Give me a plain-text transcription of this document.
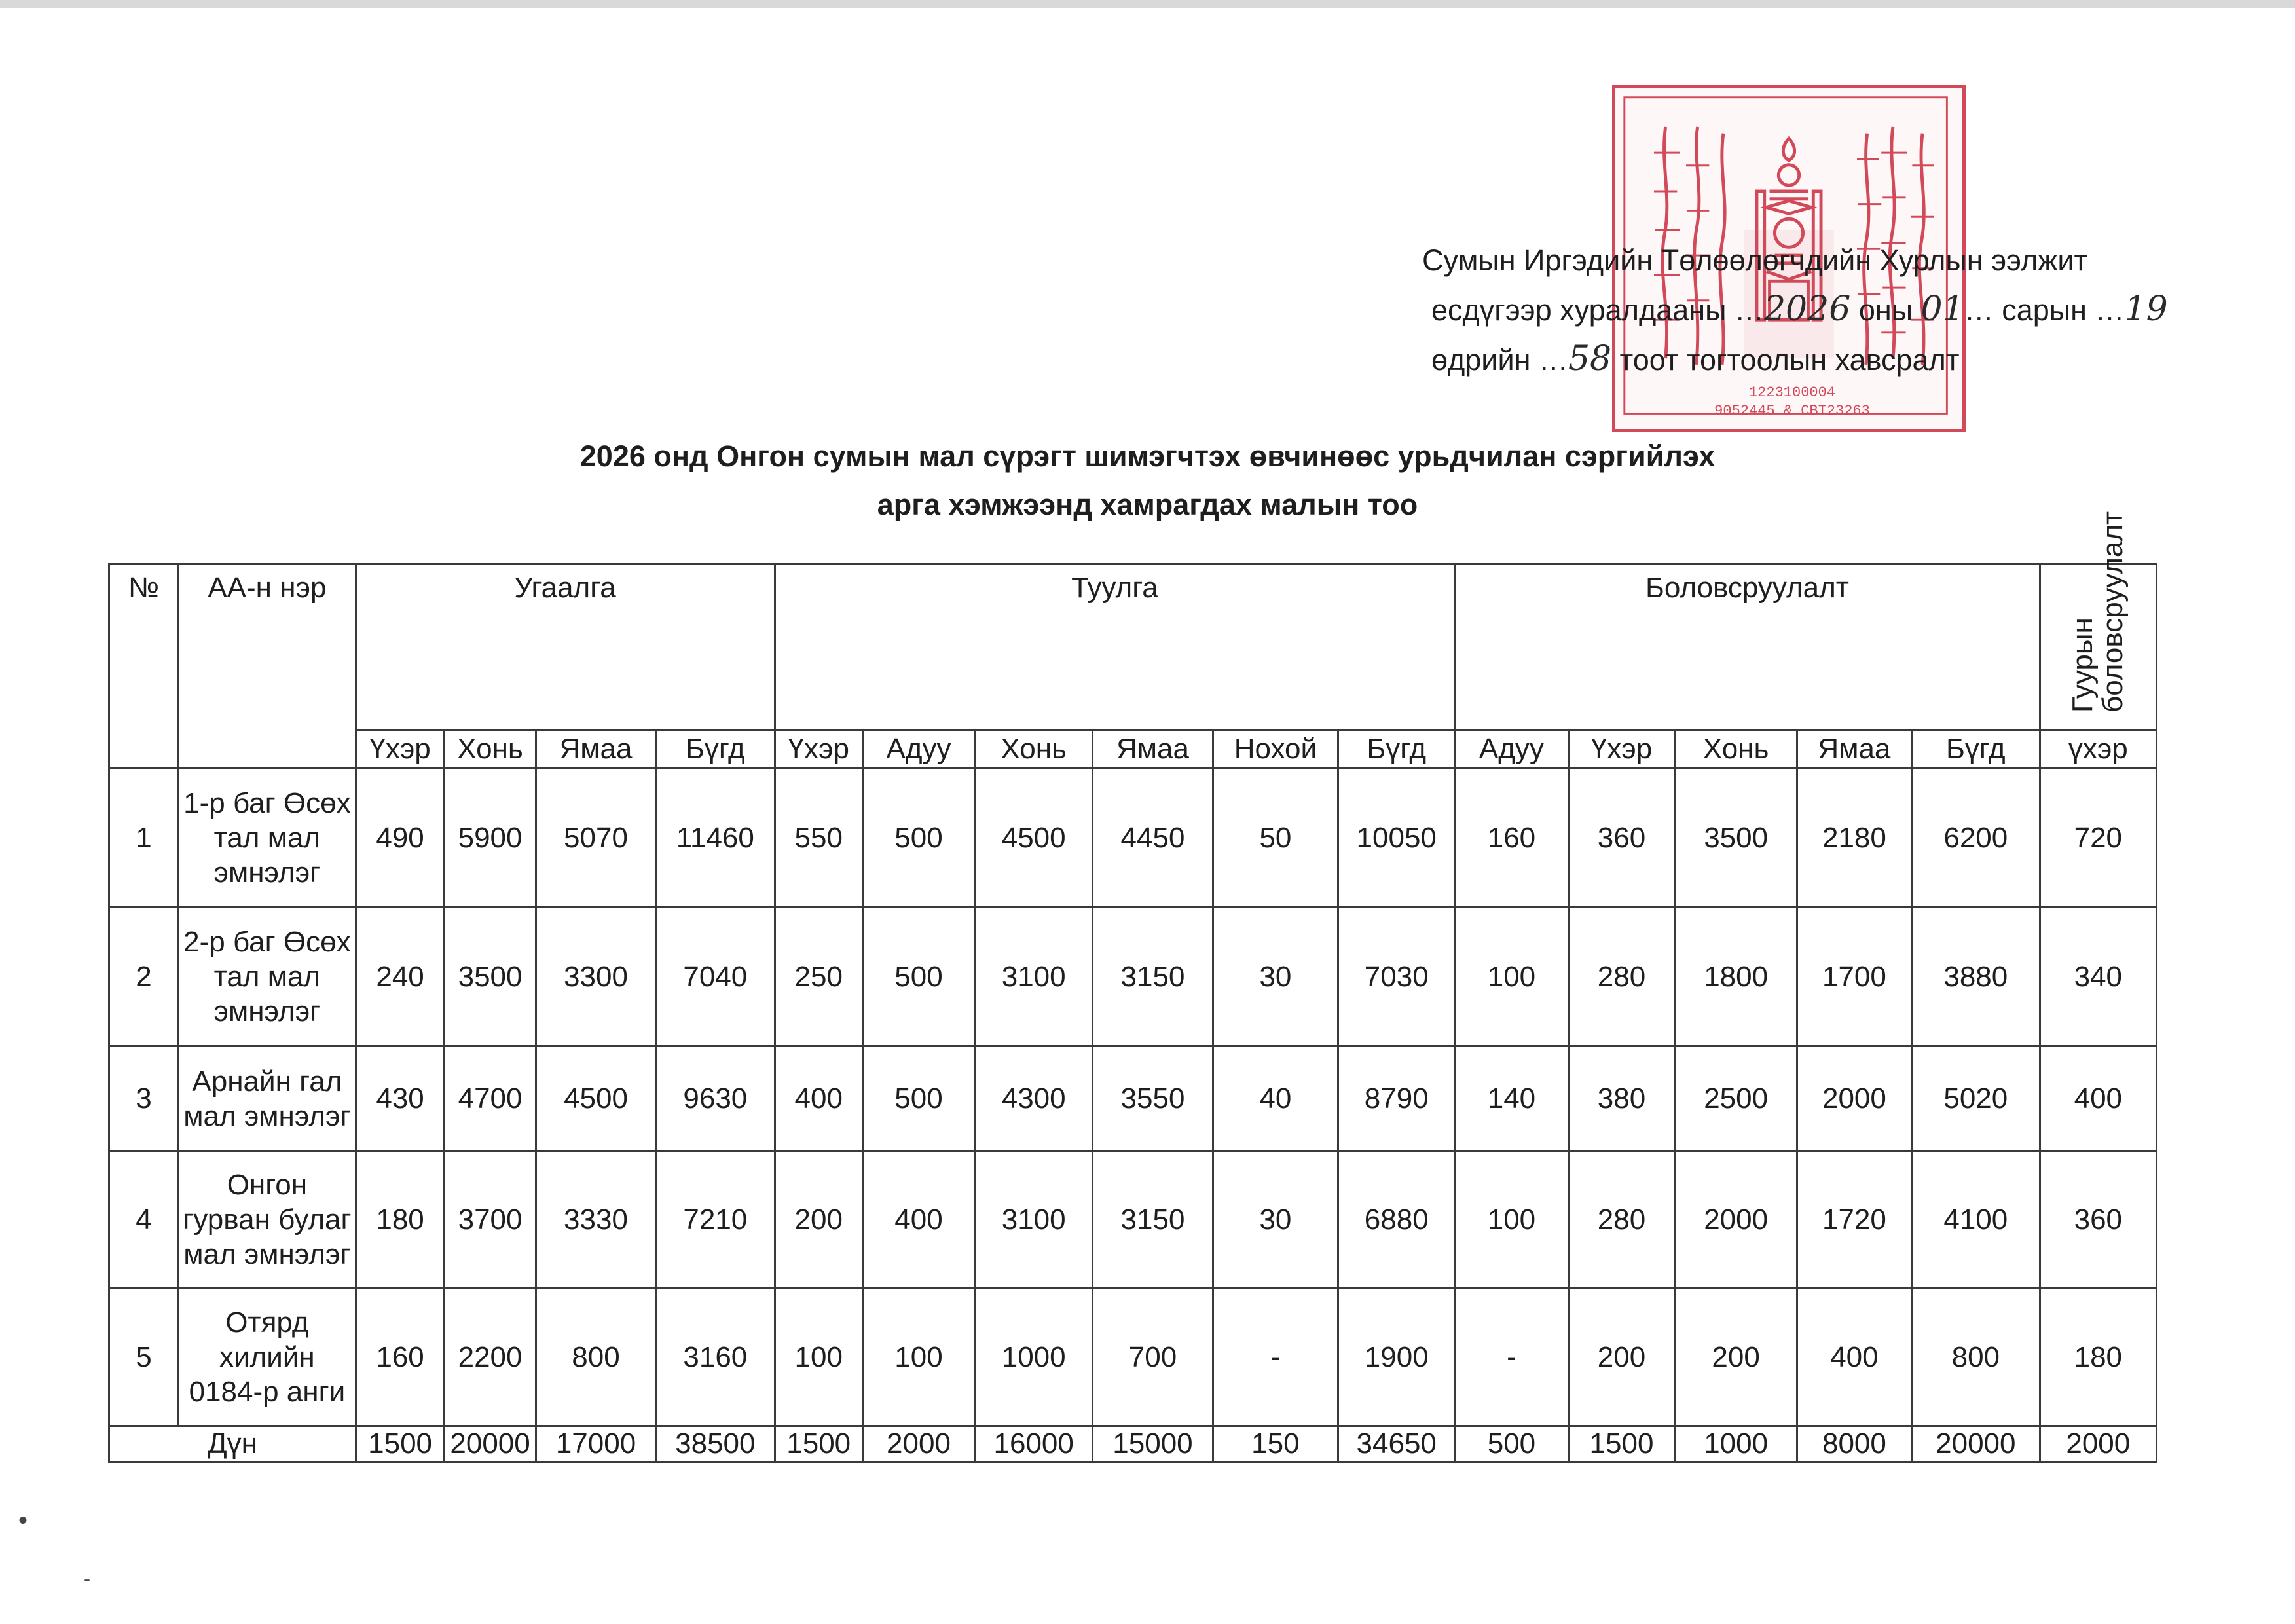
1223100004
9052445 & CBT23263
Сумын Иргэдийн Төлөөлөгчдийн Хурлын ээлжит
есдүгээр хуралдааны …2026 оны 01… сарын …19
өдрийн …58 тоот тогтоолын хавсралт
2026 онд Онгон сумын мал сүрэгт шимэгчтэх өвчинөөс урьдчилан сэргийлэх
арга хэмжээнд хамрагдах малын тоо
№	АА-н нэр	Угаалга				Туулга						Боловсруулалт					Гуурын боловсруулалт

		Үхэр	Хонь	Ямаа	Бүгд	Үхэр	Адуу	Хонь	Ямаа	Нохой	Бүгд	Адуу	Үхэр	Хонь	Ямаа	Бүгд	үхэр
1	1-р баг Өсөх тал мал эмнэлэг	490	5900	5070	11460	550	500	4500	4450	50	10050	160	360	3500	2180	6200	720
2	2-р баг Өсөх тал мал эмнэлэг	240	3500	3300	7040	250	500	3100	3150	30	7030	100	280	1800	1700	3880	340
3	Арнайн гал мал эмнэлэг	430	4700	4500	9630	400	500	4300	3550	40	8790	140	380	2500	2000	5020	400
4	Онгон гурван булаг мал эмнэлэг	180	3700	3330	7210	200	400	3100	3150	30	6880	100	280	2000	1720	4100	360
5	Отярд хилийн 0184-р анги	160	2200	800	3160	100	100	1000	700	-	1900	-	200	200	400	800	180
Дүн		1500	20000	17000	38500	1500	2000	16000	15000	150	34650	500	1500	1000	8000	20000	2000
•
-
